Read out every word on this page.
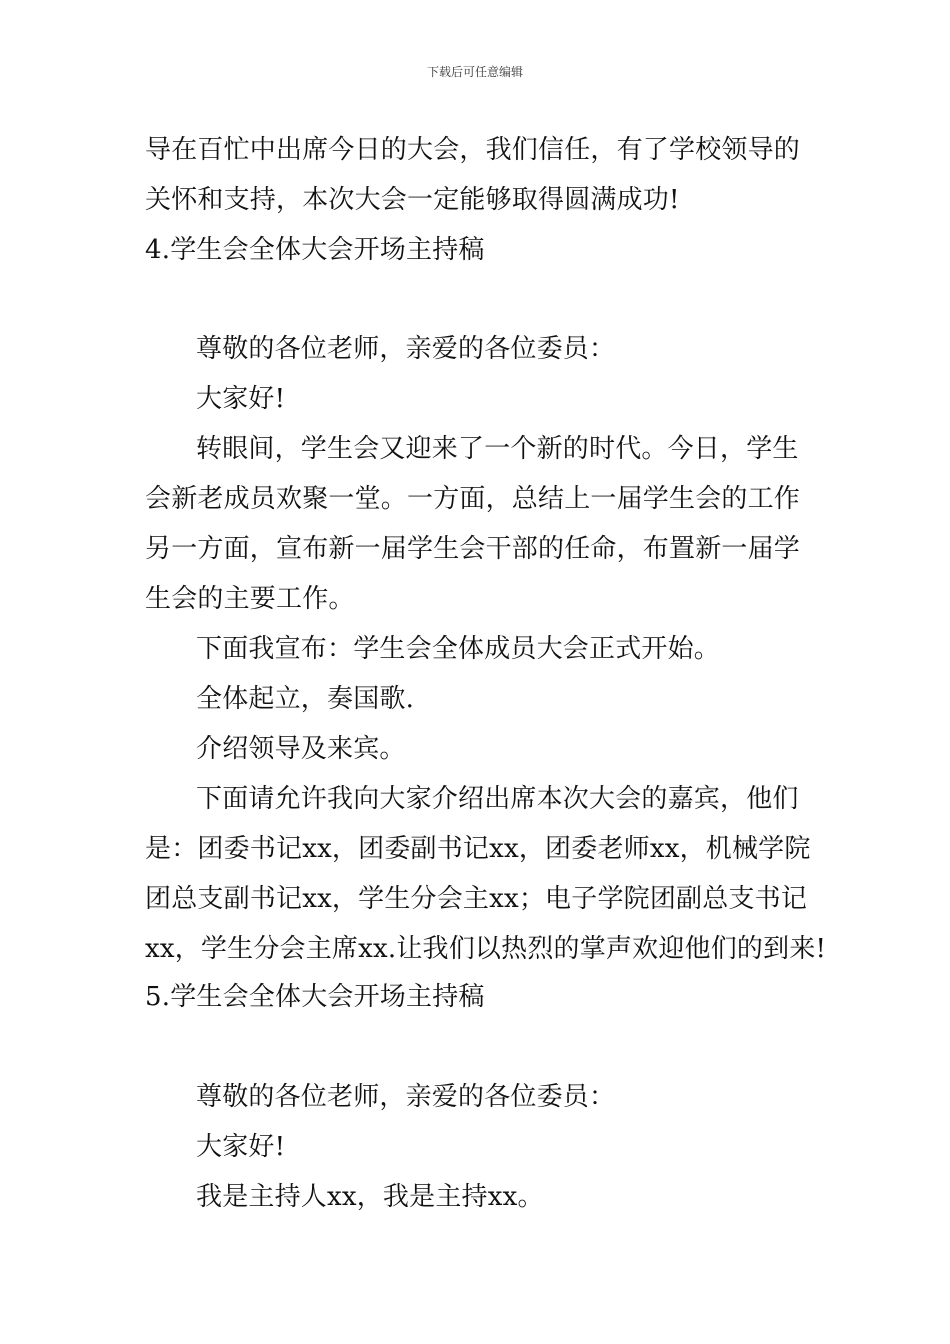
下载后可任意编辑
导在百忙中出席今日的大会，我们信任，有了学校领导的
关怀和支持，本次大会一定能够取得圆满成功!
4.学生会全体大会开场主持稿
尊敬的各位老师，亲爱的各位委员：
大家好!
转眼间，学生会又迎来了一个新的时代。今日，学生
会新老成员欢聚一堂。一方面，总结上一届学生会的工作
另一方面，宣布新一届学生会干部的任命，布置新一届学
生会的主要工作。
下面我宣布：学生会全体成员大会正式开始。
全体起立，奏国歌.
介绍领导及来宾。
下面请允许我向大家介绍出席本次大会的嘉宾，他们
是：团委书记xx，团委副书记xx，团委老师xx，机械学院
团总支副书记xx，学生分会主xx；电子学院团副总支书记
xx，学生分会主席xx.让我们以热烈的掌声欢迎他们的到来!
5.学生会全体大会开场主持稿
尊敬的各位老师，亲爱的各位委员：
大家好!
我是主持人xx，我是主持xx。
